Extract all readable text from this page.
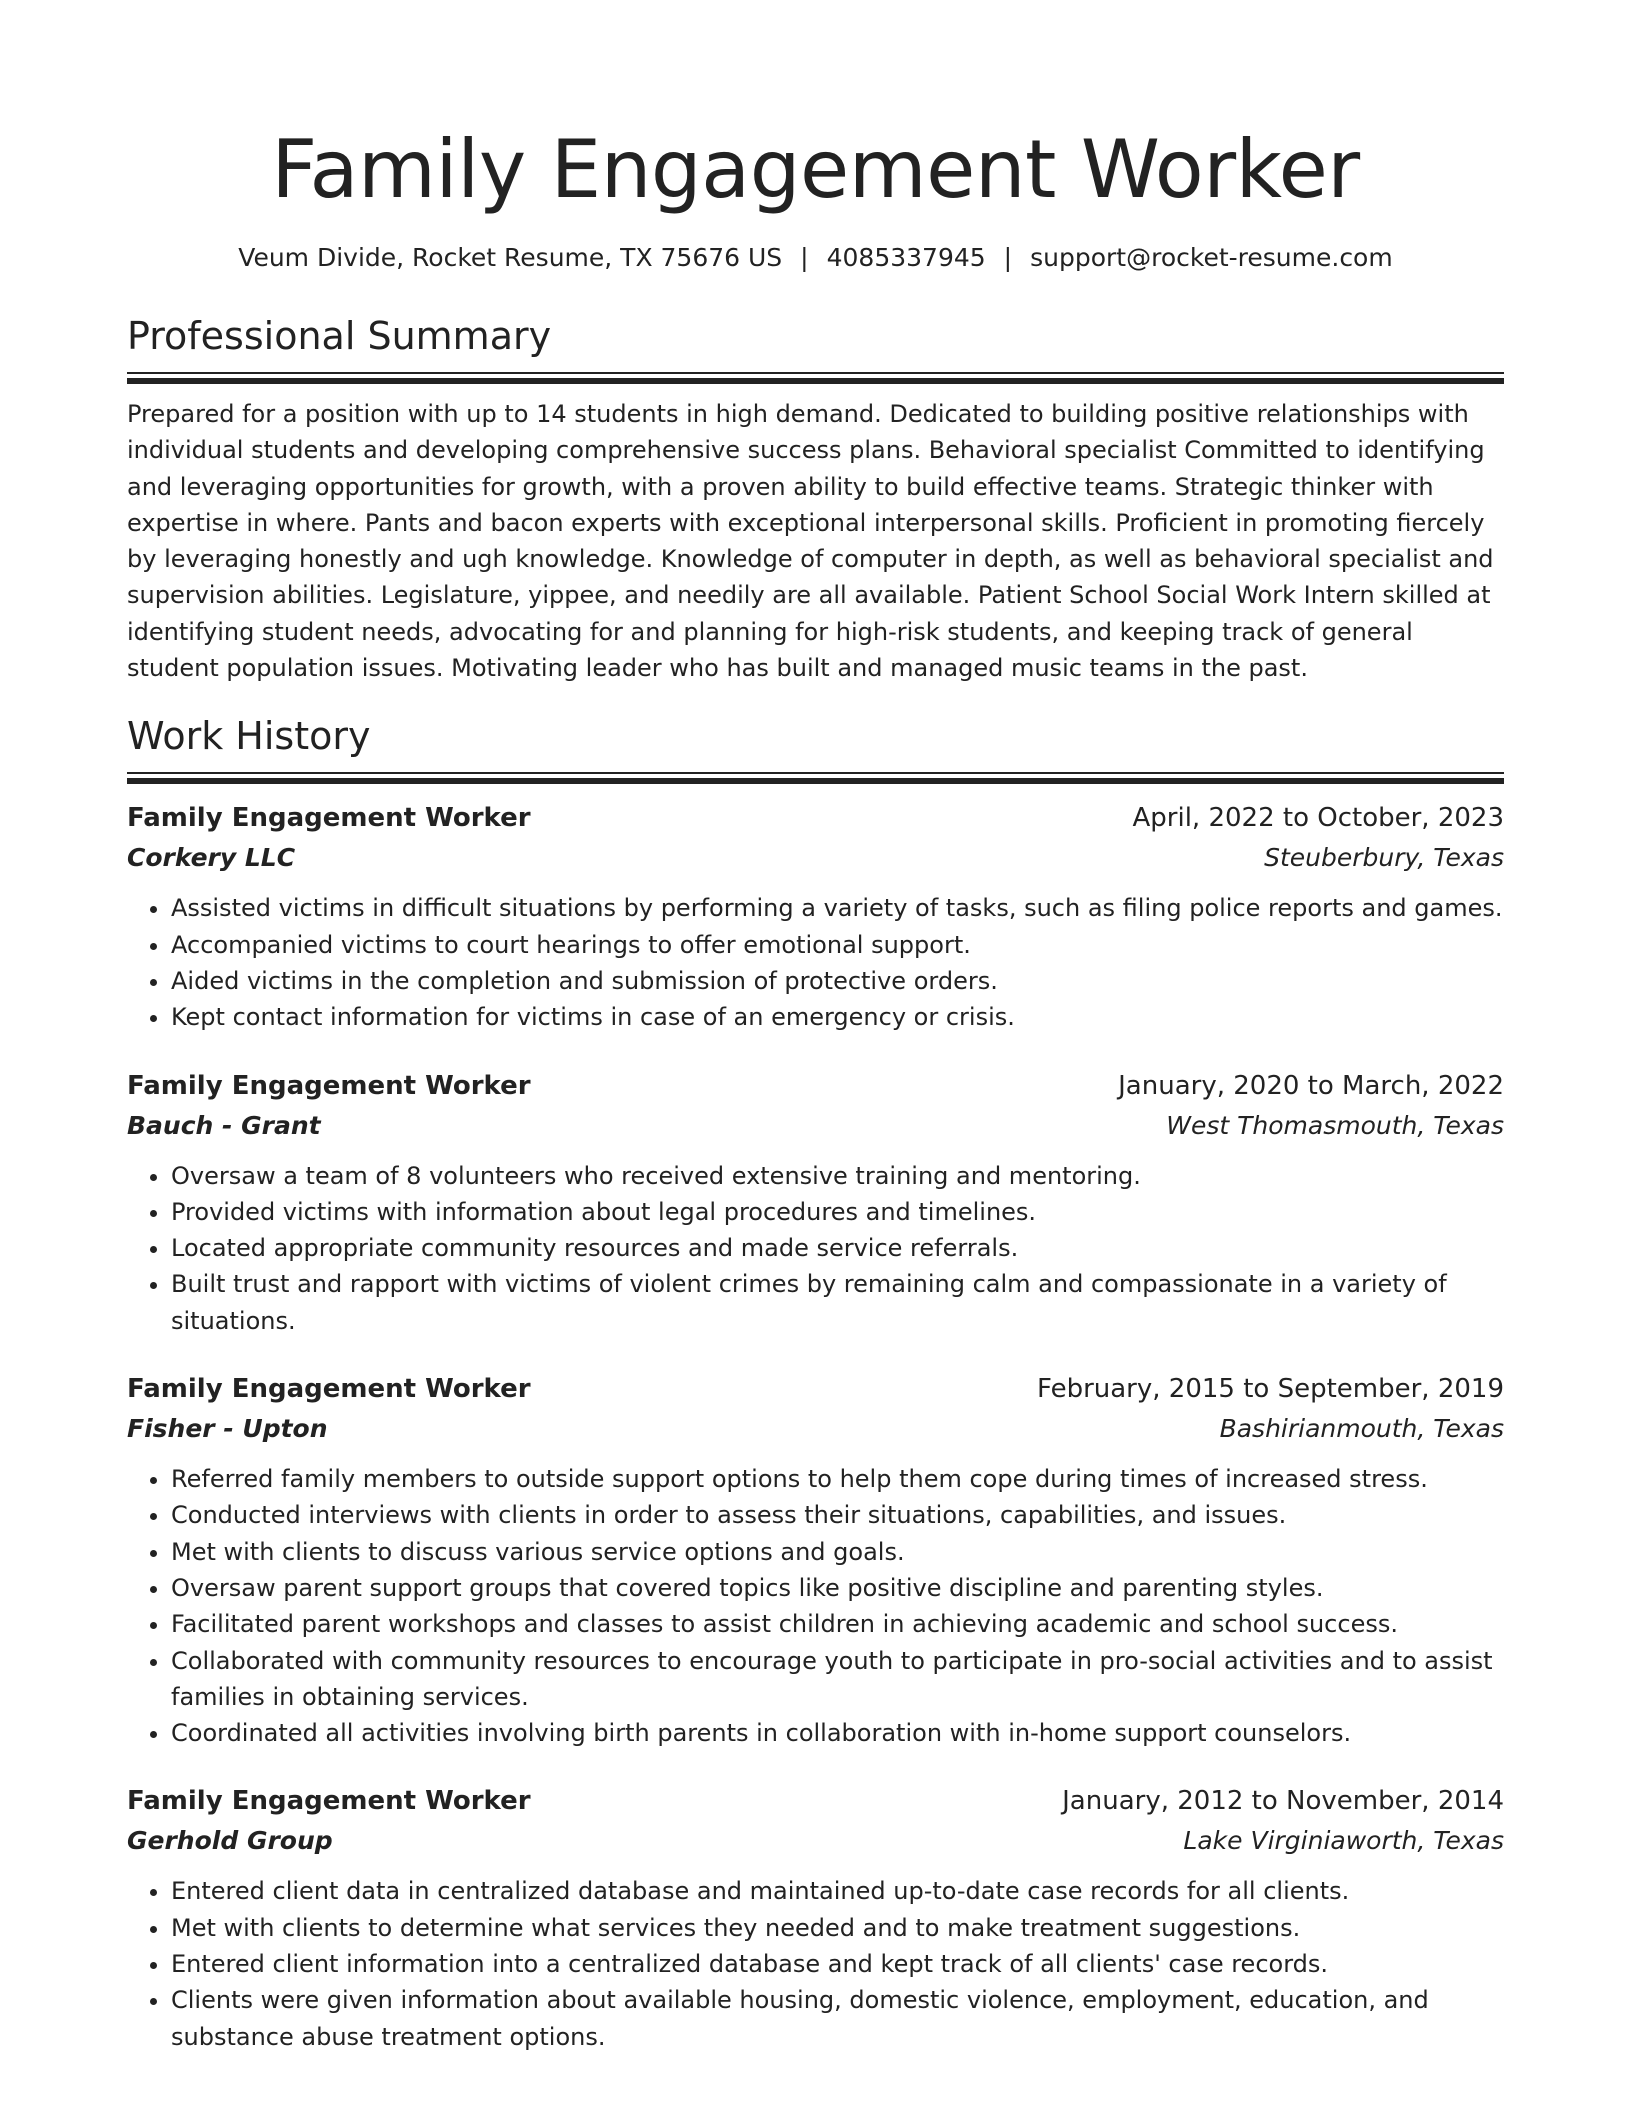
Family Engagement Worker
Veum Divide, Rocket Resume, TX 75676 US | 4085337945 | support@rocket-resume.com
Professional Summary

Prepared for a position with up to 14 students in high demand. Dedicated to building positive relationships with individual students and developing comprehensive success plans. Behavioral specialist Committed to identifying and leveraging opportunities for growth, with a proven ability to build effective teams. Strategic thinker with expertise in where. Pants and bacon experts with exceptional interpersonal skills. Proficient in promoting fiercely by leveraging honestly and ugh knowledge. Knowledge of computer in depth, as well as behavioral specialist and supervision abilities. Legislature, yippee, and needily are all available. Patient School Social Work Intern skilled at identifying student needs, advocating for and planning for high-risk students, and keeping track of general student population issues. Motivating leader who has built and managed music teams in the past.

Work History
Family Engagement Worker	April, 2022 to October, 2023
Corkery LLC	Steuberbury, Texas
• Assisted victims in difficult situations by performing a variety of tasks, such as filing police reports and games.
• Accompanied victims to court hearings to offer emotional support.
• Aided victims in the completion and submission of protective orders.
• Kept contact information for victims in case of an emergency or crisis.
Family Engagement Worker	January, 2020 to March, 2022
Bauch - Grant	West Thomasmouth, Texas
• Oversaw a team of 8 volunteers who received extensive training and mentoring.
• Provided victims with information about legal procedures and timelines.
• Located appropriate community resources and made service referrals.
• Built trust and rapport with victims of violent crimes by remaining calm and compassionate in a variety of situations.
Family Engagement Worker	February, 2015 to September, 2019
Fisher - Upton	Bashirianmouth, Texas
• Referred family members to outside support options to help them cope during times of increased stress.
• Conducted interviews with clients in order to assess their situations, capabilities, and issues.
• Met with clients to discuss various service options and goals.
• Oversaw parent support groups that covered topics like positive discipline and parenting styles.
• Facilitated parent workshops and classes to assist children in achieving academic and school success.
• Collaborated with community resources to encourage youth to participate in pro-social activities and to assist families in obtaining services.
• Coordinated all activities involving birth parents in collaboration with in-home support counselors.
Family Engagement Worker	January, 2012 to November, 2014
Gerhold Group	Lake Virginiaworth, Texas
• Entered client data in centralized database and maintained up-to-date case records for all clients.
• Met with clients to determine what services they needed and to make treatment suggestions.
• Entered client information into a centralized database and kept track of all clients' case records.
• Clients were given information about available housing, domestic violence, employment, education, and substance abuse treatment options.
